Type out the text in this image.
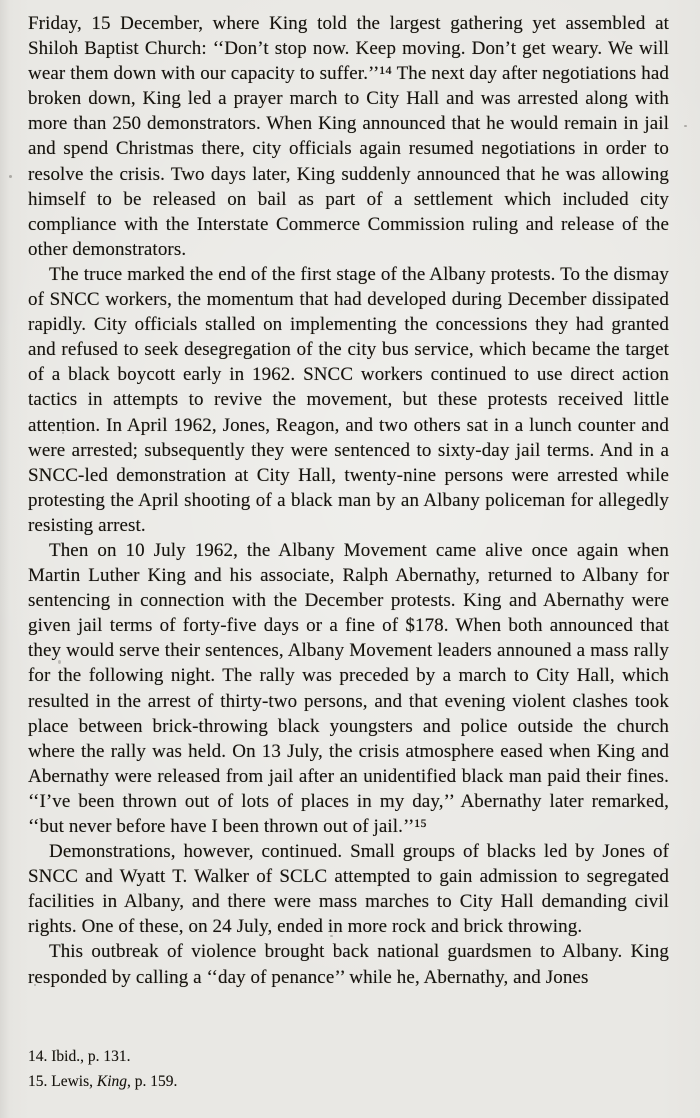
Friday, 15 December, where King told the largest gathering yet assembled at Shiloh Baptist Church: ‘‘Don’t stop now. Keep moving. Don’t get weary. We will wear them down with our capacity to suffer.’’¹⁴ The next day after negotiations had broken down, King led a prayer march to City Hall and was arrested along with more than 250 demonstrators. When King announced that he would remain in jail and spend Christmas there, city officials again resumed negotiations in order to resolve the crisis. Two days later, King suddenly announced that he was allowing himself to be released on bail as part of a settlement which included city compliance with the Interstate Commerce Commission ruling and release of the other demonstrators.

The truce marked the end of the first stage of the Albany protests. To the dismay of SNCC workers, the momentum that had developed during December dissipated rapidly. City officials stalled on implementing the concessions they had granted and refused to seek desegregation of the city bus service, which became the target of a black boycott early in 1962. SNCC workers continued to use direct action tactics in attempts to revive the movement, but these protests received little attention. In April 1962, Jones, Reagon, and two others sat in a lunch counter and were arrested; subsequently they were sentenced to sixty-day jail terms. And in a SNCC-led demonstration at City Hall, twenty-nine persons were arrested while protesting the April shooting of a black man by an Albany policeman for allegedly resisting arrest.

Then on 10 July 1962, the Albany Movement came alive once again when Martin Luther King and his associate, Ralph Abernathy, returned to Albany for sentencing in connection with the December protests. King and Abernathy were given jail terms of forty-five days or a fine of $178. When both announced that they would serve their sentences, Albany Movement leaders announed a mass rally for the following night. The rally was preceded by a march to City Hall, which resulted in the arrest of thirty-two persons, and that evening violent clashes took place between brick-throwing black youngsters and police outside the church where the rally was held. On 13 July, the crisis atmosphere eased when King and Abernathy were released from jail after an unidentified black man paid their fines. ‘‘I’ve been thrown out of lots of places in my day,’’ Abernathy later remarked, ‘‘but never before have I been thrown out of jail.’’¹⁵

Demonstrations, however, continued. Small groups of blacks led by Jones of SNCC and Wyatt T. Walker of SCLC attempted to gain admission to segregated facilities in Albany, and there were mass marches to City Hall demanding civil rights. One of these, on 24 July, ended in more rock and brick throwing.

This outbreak of violence brought back national guardsmen to Albany. King responded by calling a ‘‘day of penance’’ while he, Abernathy, and Jones

14. Ibid., p. 131.

15. Lewis, King, p. 159.
